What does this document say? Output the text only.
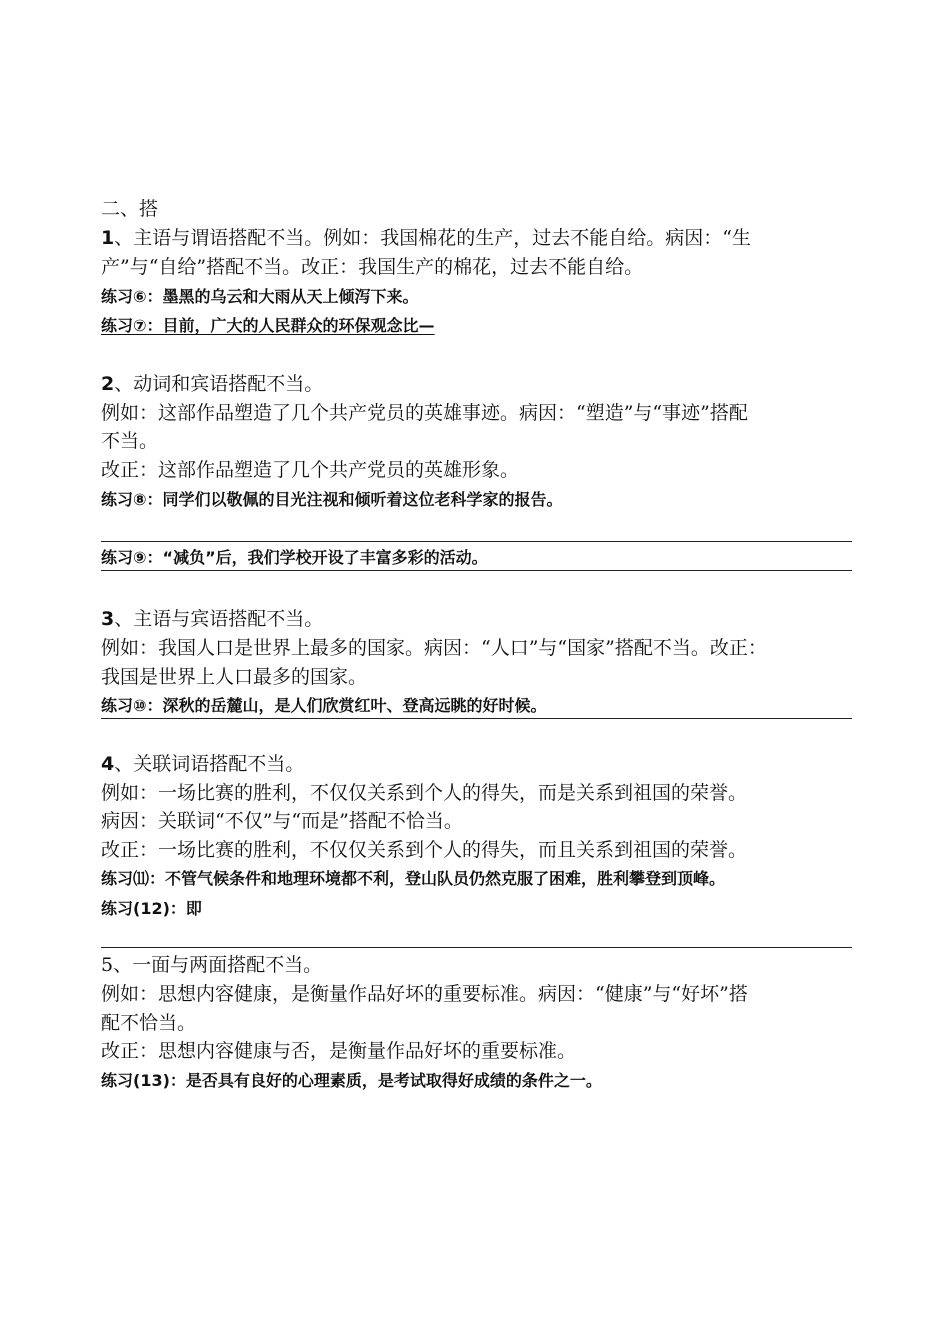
二、搭
1、主语与谓语搭配不当。例如：我国棉花的生产，过去不能自给。病因：“生
产”与“自给”搭配不当。改正：我国生产的棉花，过去不能自给。
练习⑥：墨黑的乌云和大雨从天上倾泻下来。
练习⑦：目前，广大的人民群众的环保观念比—
2、动词和宾语搭配不当。
例如：这部作品塑造了几个共产党员的英雄事迹。病因：“塑造”与“事迹”搭配
不当。
改正：这部作品塑造了几个共产党员的英雄形象。
练习⑧：同学们以敬佩的目光注视和倾听着这位老科学家的报告。
练习⑨：“减负”后，我们学校开设了丰富多彩的活动。
3、主语与宾语搭配不当。
例如：我国人口是世界上最多的国家。病因：“人口”与“国家”搭配不当。改正：
我国是世界上人口最多的国家。
练习⑩：深秋的岳麓山，是人们欣赏红叶、登高远眺的好时候。
4、关联词语搭配不当。
例如：一场比赛的胜利，不仅仅关系到个人的得失，而是关系到祖国的荣誉。
病因：关联词“不仅”与“而是”搭配不恰当。
改正：一场比赛的胜利，不仅仅关系到个人的得失，而且关系到祖国的荣誉。
练习⑾：不管气候条件和地理环境都不利，登山队员仍然克服了困难，胜利攀登到顶峰。
练习(12)：即
5、一面与两面搭配不当。
例如：思想内容健康，是衡量作品好坏的重要标准。病因：“健康”与“好坏”搭
配不恰当。
改正：思想内容健康与否，是衡量作品好坏的重要标准。
练习(13)：是否具有良好的心理素质，是考试取得好成绩的条件之一。
